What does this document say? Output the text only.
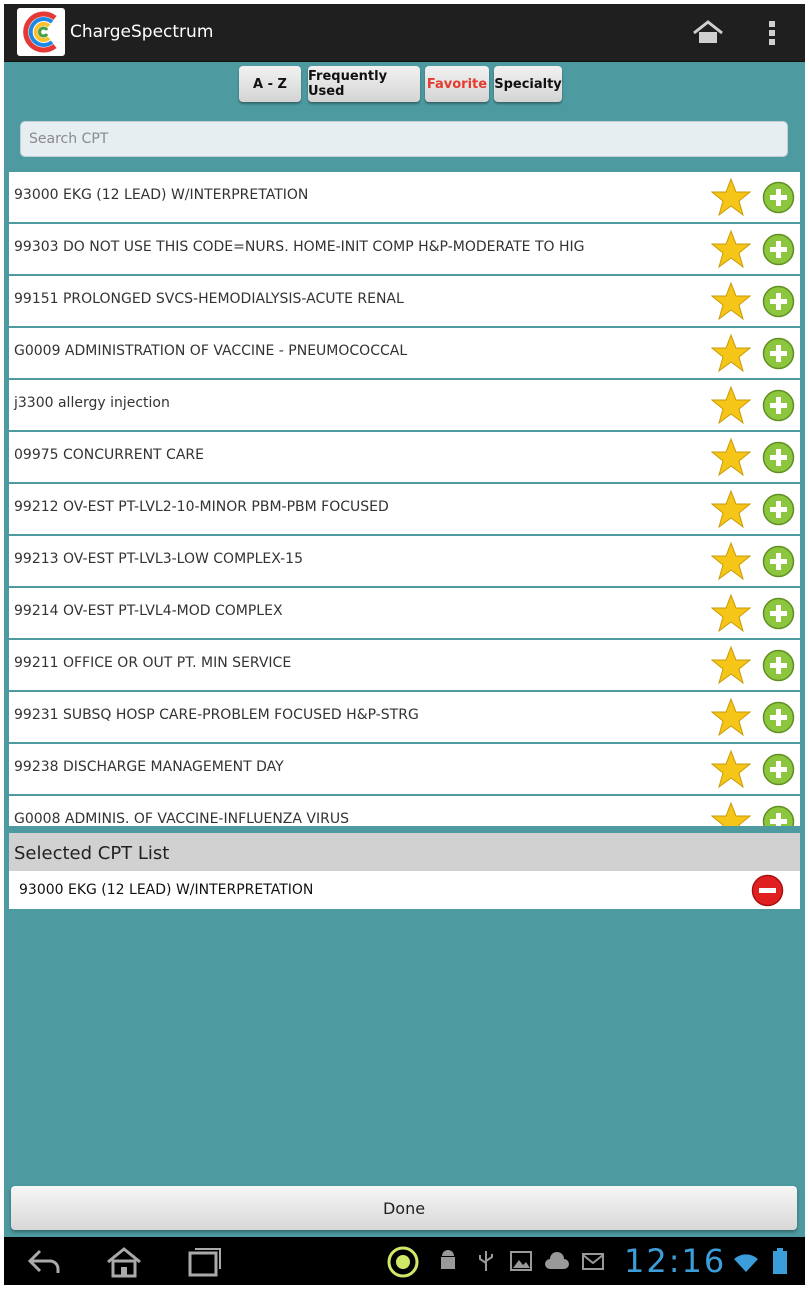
ChargeSpectrum
A - Z	Frequently Used	Favorite Specialty
Search CPT
93000 EKG (12 LEAD) W/INTERPRETATION
99303 DO NOT USE THIS CODE=NURS. HOME-INIT COMP H&P-MODERATE TO HIG
99151 PROLONGED SVCS-HEMODIALYSIS-ACUTE RENAL
G0009 ADMINISTRATION OF VACCINE - PNEUMOCOCCAL
j3300 allergy injection
09975 CONCURRENT CARE
99212 OV-EST PT-LVL2-10-MINOR PBM-PBM FOCUSED
99213 OV-EST PT-LVL3-LOW COMPLEX-15
99214 OV-EST PT-LVL4-MOD COMPLEX
99211 OFFICE OR OUT PT. MIN SERVICE
99231 SUBSQ HOSP CARE-PROBLEM FOCUSED H&P-STRG
99238 DISCHARGE MANAGEMENT DAY
G0008 ADMINIS. OF VACCINE-INFLUENZA VIRUS
Selected CPT List
93000 EKG (12 LEAD) W/INTERPRETATION
Done
12:16
